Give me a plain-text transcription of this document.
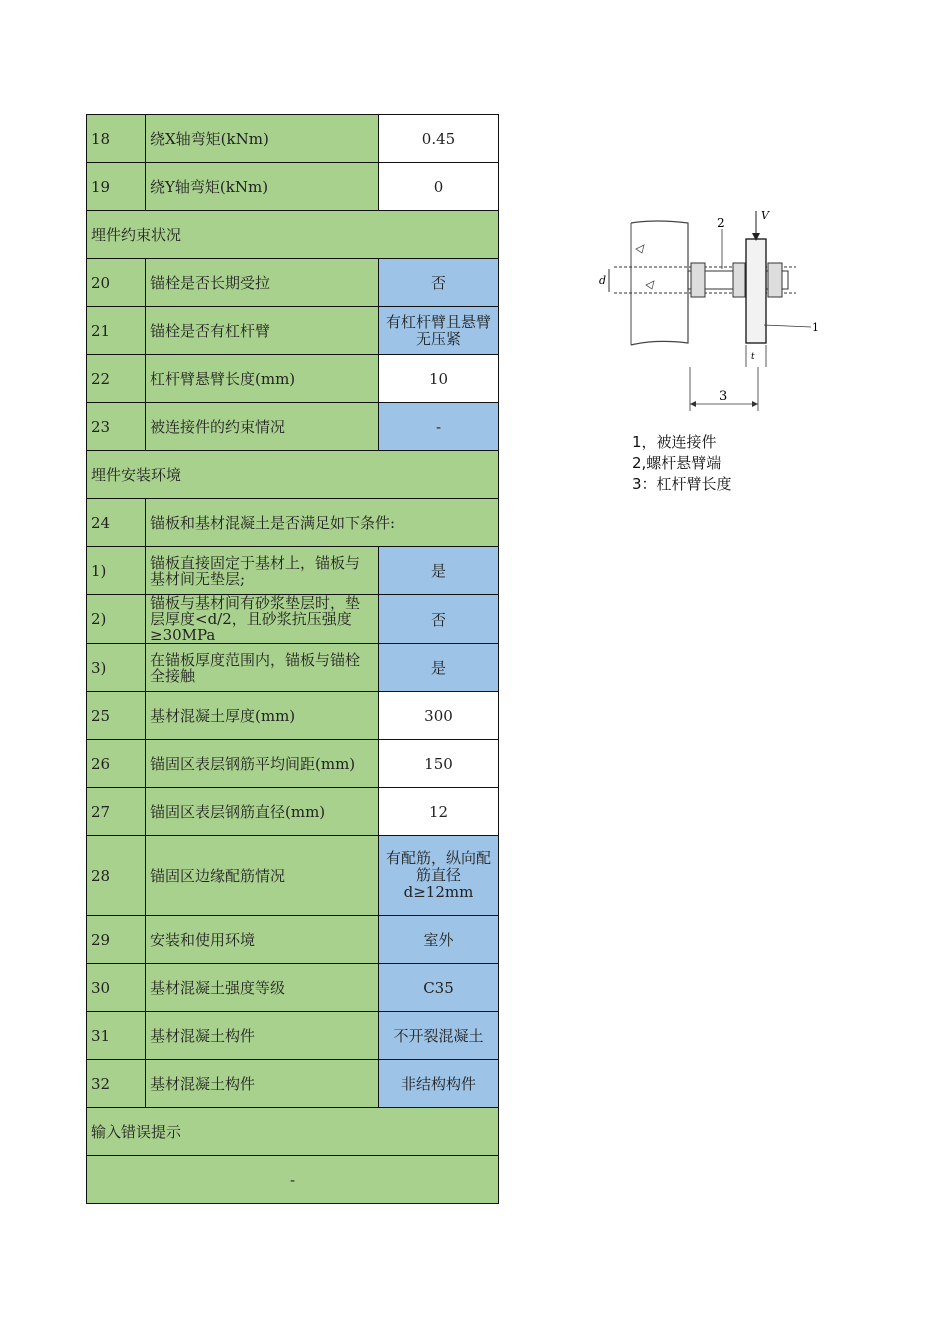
18	绕X轴弯矩(kNm)	0.45
19	绕Y轴弯矩(kNm)	0
埋件约束状况		
20	锚栓是否长期受拉	否
21	锚栓是否有杠杆臂	有杠杆臂且悬臂无压紧
22	杠杆臂悬臂长度(mm)	10
23	被连接件的约束情况	-
埋件安装环境		
24	锚板和基材混凝土是否满足如下条件:	
1)	锚板直接固定于基材上，锚板与基材间无垫层;	是
2)	锚板与基材间有砂浆垫层时，垫层厚度<d/2，且砂浆抗压强度≥30MPa	否
3)	在锚板厚度范围内，锚板与锚栓全接触	是
25	基材混凝土厚度(mm)	300
26	锚固区表层钢筋平均间距(mm)	150
27	锚固区表层钢筋直径(mm)	12
28	锚固区边缘配筋情况	有配筋，纵向配筋直径d≥12mm
29	安装和使用环境	室外
30	基材混凝土强度等级	C35
31	基材混凝土构件	不开裂混凝土
32	基材混凝土构件	非结构构件
输入错误提示		
-		
2
3
1
d
V
t
1，被连接件
2,螺杆悬臂端
3：杠杆臂长度
